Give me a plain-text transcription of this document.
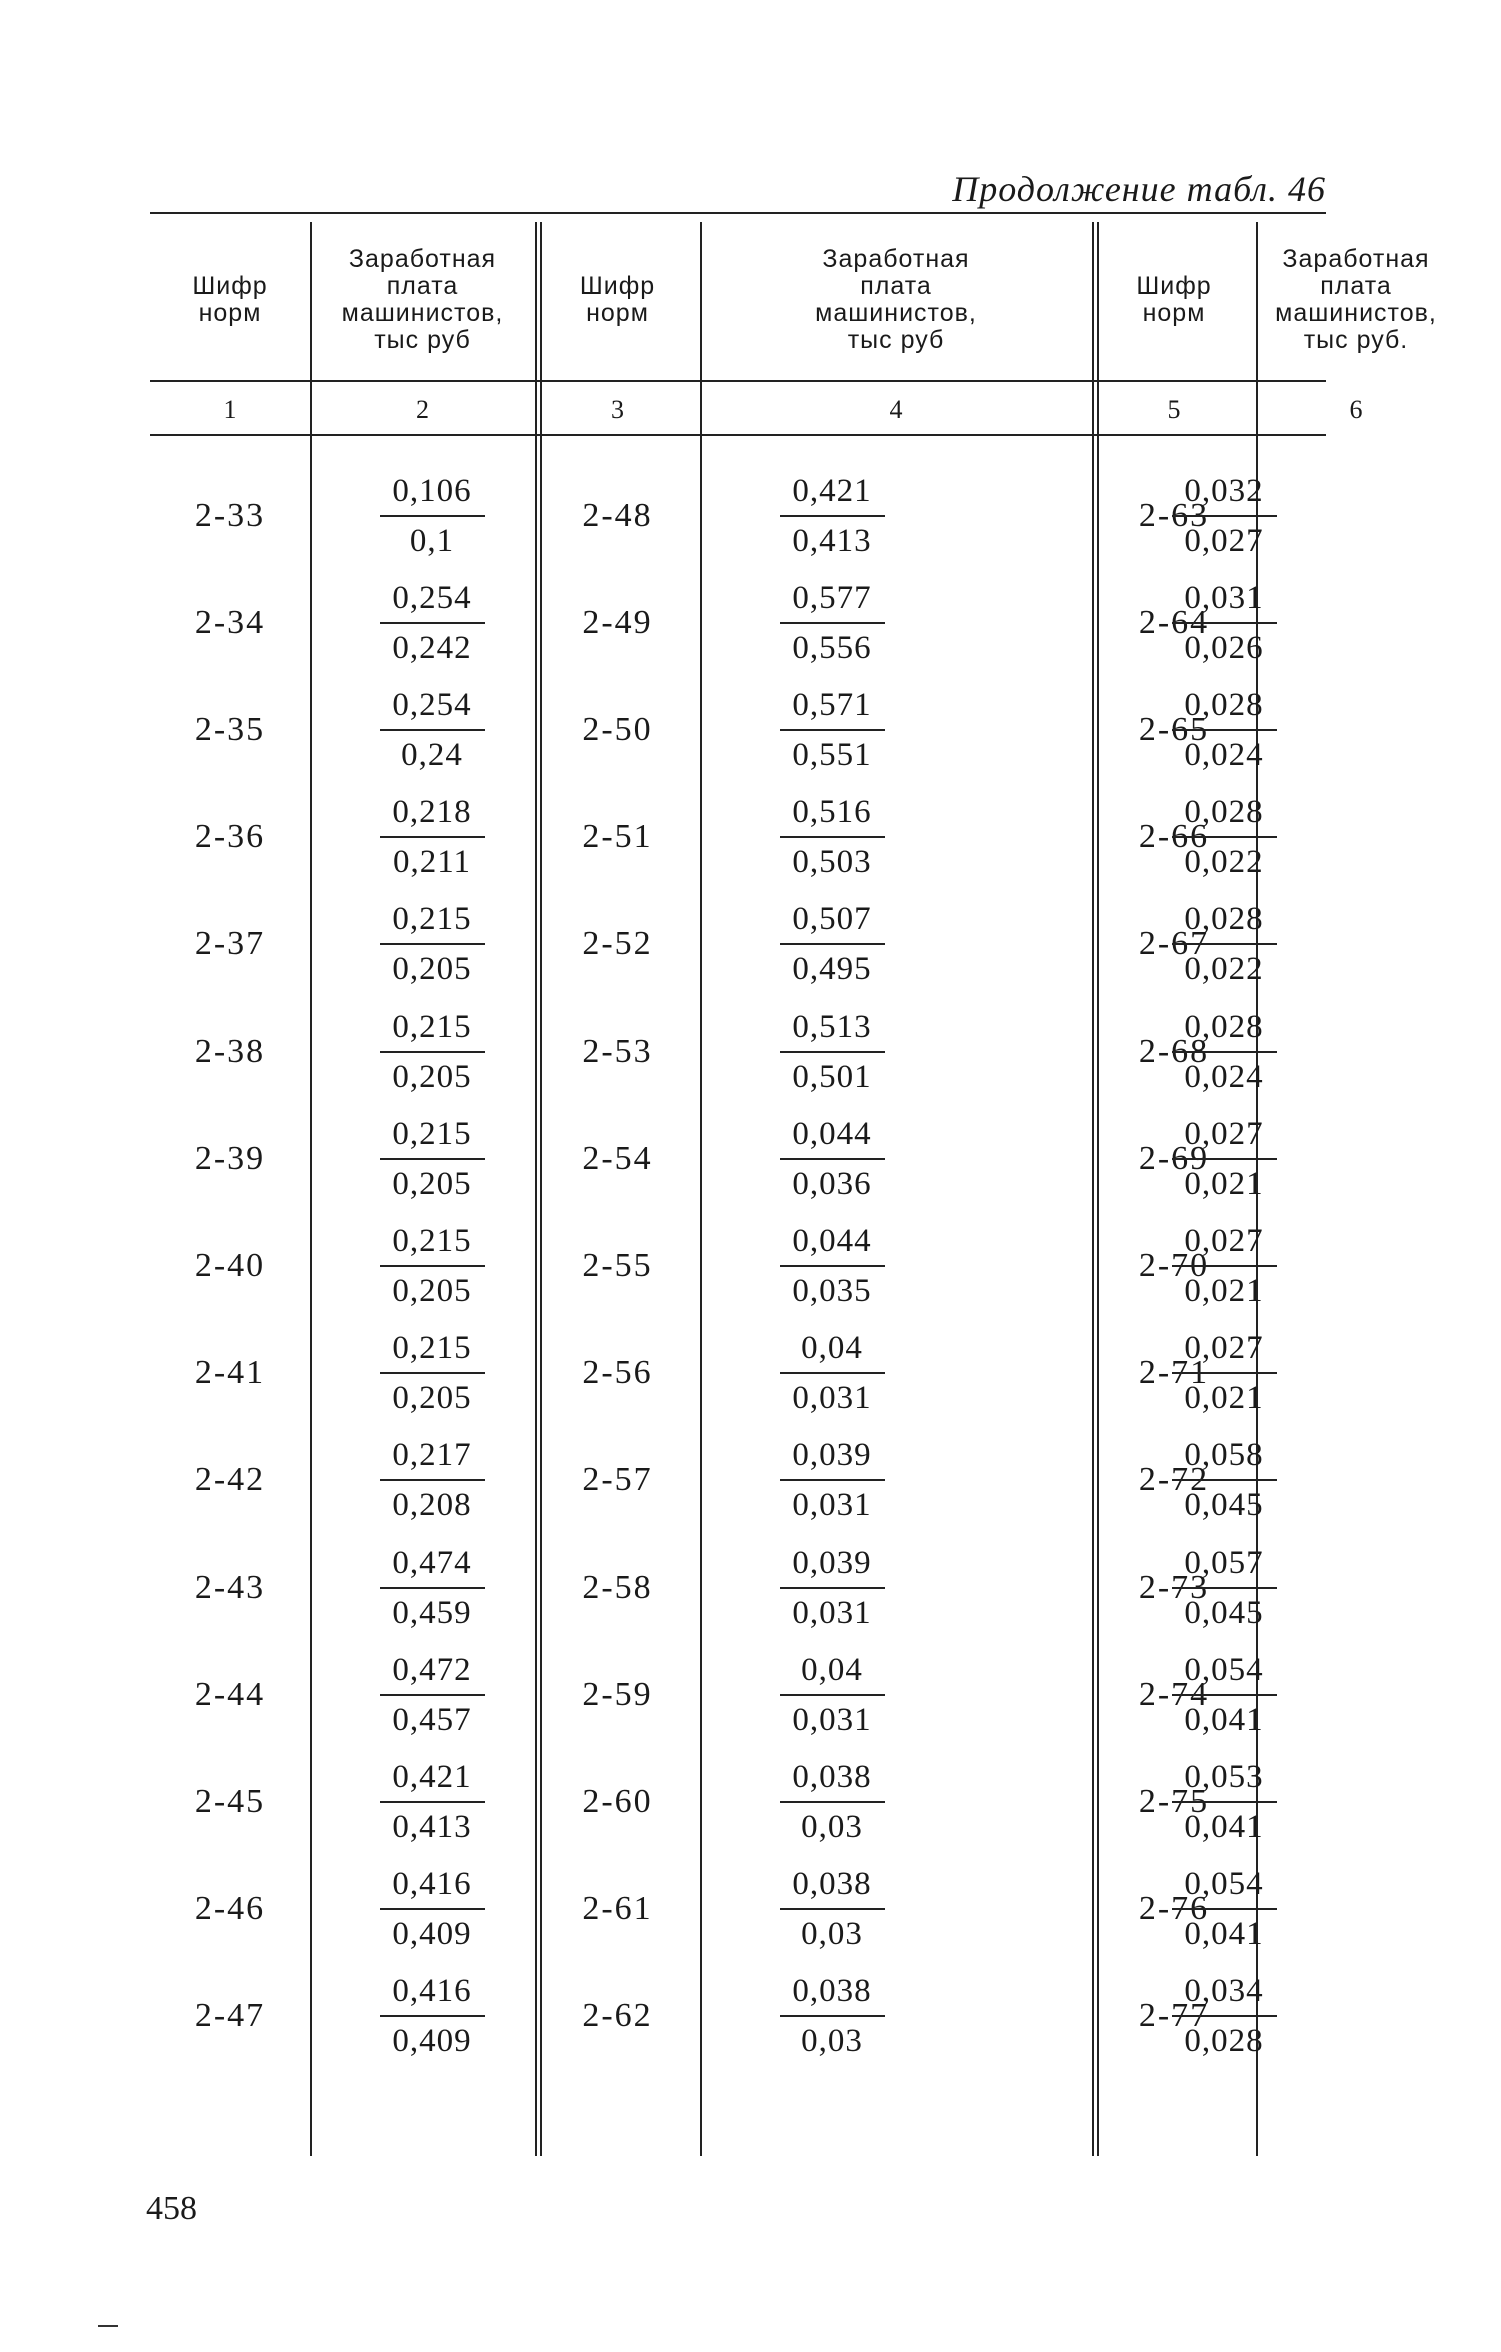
Продолжение табл. 46
Шифр
норм
1
Заработная
плата
машинистов,
тыс руб
2
Шифр
норм
3
Заработная
плата
машинистов,
тыс руб
4
Шифр
норм
5
Заработная
плата
машинистов,
тыс руб.
6
2-33
0,106
0,1
2-34
0,254
0,242
2-35
0,254
0,24
2-36
0,218
0,211
2-37
0,215
0,205
2-38
0,215
0,205
2-39
0,215
0,205
2-40
0,215
0,205
2-41
0,215
0,205
2-42
0,217
0,208
2-43
0,474
0,459
2-44
0,472
0,457
2-45
0,421
0,413
2-46
0,416
0,409
2-47
0,416
0,409
2-48
0,421
0,413
2-49
0,577
0,556
2-50
0,571
0,551
2-51
0,516
0,503
2-52
0,507
0,495
2-53
0,513
0,501
2-54
0,044
0,036
2-55
0,044
0,035
2-56
0,04
0,031
2-57
0,039
0,031
2-58
0,039
0,031
2-59
0,04
0,031
2-60
0,038
0,03
2-61
0,038
0,03
2-62
0,038
0,03
2-63
0,032
0,027
2-64
0,031
0,026
2-65
0,028
0,024
2-66
0,028
0,022
2-67
0,028
0,022
2-68
0,028
0,024
2-69
0,027
0,021
2-70
0,027
0,021
2-71
0,027
0,021
2-72
0,058
0,045
2-73
0,057
0,045
2-74
0,054
0,041
2-75
0,053
0,041
2-76
0,054
0,041
2-77
0,034
0,028
458
